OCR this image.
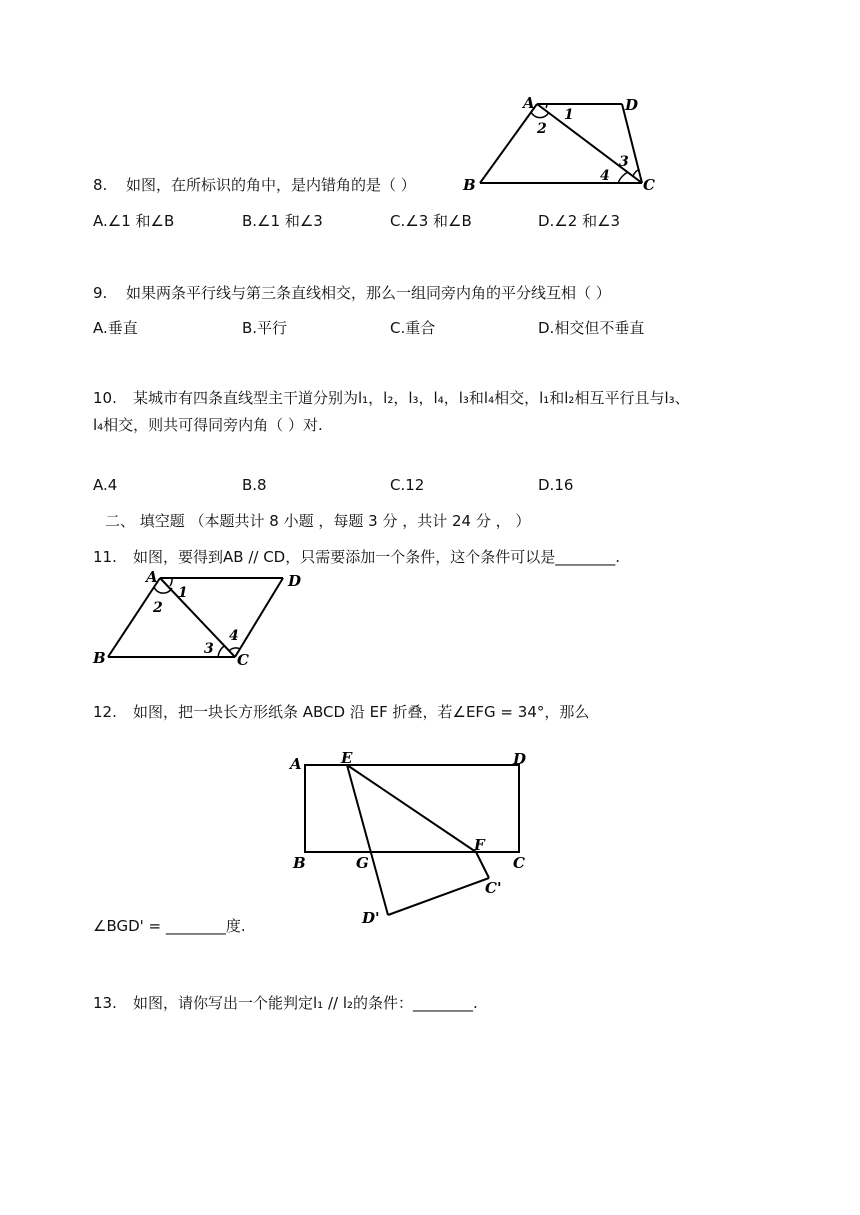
A	D
B	C
1
2
3
4
8. 如图，在所标识的角中，是内错角的是（ ）
A.∠1 和∠B	B.∠1 和∠3	C.∠3 和∠B	D.∠2 和∠3
9. 如果两条平行线与第三条直线相交，那么一组同旁内角的平分线互相（ ）
A.垂直	B.平行	C.重合	D.相交但不垂直
10. 某城市有四条直线型主干道分别为l₁，l₂，l₃，l₄，l₃和l₄相交，l₁和l₂相互平行且与l₃、
l₄相交，则共可得同旁内角（ ）对.
A.4	B.8	C.12	D.16
二、 填空题 （本题共计 8 小题 ，每题 3 分 ，共计 24 分 ， ）
11. 如图，要得到AB // CD，只需要添加一个条件，这个条件可以是________.
A	D
B	C
1
2
3
4
12. 如图，把一块长方形纸条 ABCD 沿 EF 折叠，若∠EFG = 34°，那么
A	E	D
B	G
F
C
C'
D'
∠BGD' = ________度.
13. 如图，请你写出一个能判定l₁ // l₂的条件：________.
